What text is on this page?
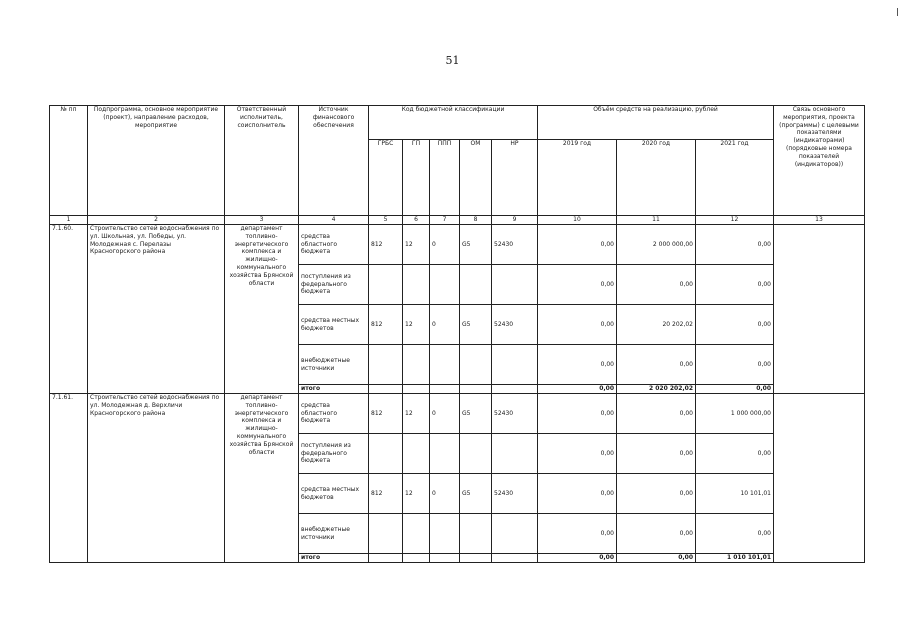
51
№ пп	Подпрограмма, основное мероприятие (проект), направление расходов, мероприятие	Ответственный исполнитель, соисполнитель	Источник финансового обеспечения	Код бюджетной классификации					Объём средств на реализацию, рублей			Связь основного мероприятия, проекта (программы) с целевыми показателями (индикаторами) (порядковые номера показателей (индикаторов))
				ГРБС	ГП	ППП	ОМ	НР	2019 год	2020 год	2021 год	
1	2	3	4	5	6	7	8	9	10	11	12	13
7.1.60.	Строительство сетей водоснабжения по ул. Школьная, ул. Победы, ул. Молодежная с. Перелазы Красногорского района	департамент топливно-энергетического комплекса и жилищно-коммунального хозяйства Брянской области	средства областного бюджета	812	12	0	G5	52430	0,00	2 000 000,00	0,00	
			поступления из федерального бюджета						0,00	0,00	0,00	
			средства местных бюджетов	812	12	0	G5	52430	0,00	20 202,02	0,00	
			внебюджетные источники						0,00	0,00	0,00	
			итого						0,00	2 020 202,02	0,00	
7.1.61.	Строительство сетей водоснабжения по ул. Молодежная д. Верхличи Красногорского района	департамент топливно-энергетического комплекса и жилищно-коммунального хозяйства Брянской области	средства областного бюджета	812	12	0	G5	52430	0,00	0,00	1 000 000,00	
			поступления из федерального бюджета						0,00	0,00	0,00	
			средства местных бюджетов	812	12	0	G5	52430	0,00	0,00	10 101,01	
			внебюджетные источники						0,00	0,00	0,00	
			итого						0,00	0,00	1 010 101,01	
